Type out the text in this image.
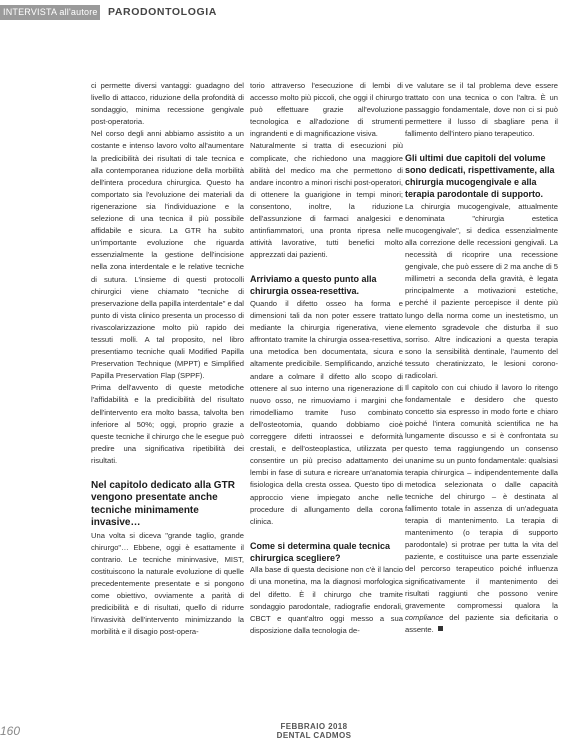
INTERVISTA all'autore PARODONTOLOGIA

ci permette diversi vantaggi: guadagno del livello di attacco, riduzione della profondità di sondaggio, minima recessione gengivale post-operatoria.

Nel corso degli anni abbiamo assistito a un costante e intenso lavoro volto all'aumentare la predicibilità dei risultati di tale tecnica e alla contemporanea riduzione della morbilità dell'intera procedura chirurgica. Questo ha comportato sia l'evoluzione dei materiali da rigenerazione sia l'individuazione e la selezione di una tecnica il più possibile affidabile e sicura. La GTR ha subito un'importante evoluzione che riguarda essenzialmente la gestione dell'incisione nella zona interdentale e le relative tecniche di sutura. L'insieme di questi protocolli chirurgici viene chiamato "tecniche di preservazione della papilla interdentale" e dal punto di vista clinico presenta un processo di rivascolarizzazione molto più rapido dei tessuti molli. A tal proposito, nel libro presentiamo tecniche quali Modified Papilla Preservation Technique (MPPT) e Simplified Papilla Preservation Flap (SPPF).

Prima dell'avvento di queste metodiche l'affidabilità e la predicibilità del risultato dell'intervento era molto bassa, talvolta ben inferiore al 50%; oggi, proprio grazie a queste tecniche il chirurgo che le esegue può predire una significativa ripetibilità dei risultati.

Nel capitolo dedicato alla GTR vengono presentate anche tecniche minimamente invasive…

Una volta si diceva "grande taglio, grande chirurgo"… Ebbene, oggi è esattamente il contrario. Le tecniche mininvasive, MIST, costituiscono la naturale evoluzione di quelle precedentemente presentate e si pongono come obiettivo, ovviamente a parità di predicibilità e di risultati, quello di ridurre l'invasività dell'intervento minimizzando la morbilità e il disagio post-opera-

torio attraverso l'esecuzione di lembi di accesso molto più piccoli, che oggi il chirurgo può effettuare grazie all'evoluzione tecnologica e all'adozione di strumenti ingrandenti e di magnificazione visiva.

Naturalmente si tratta di esecuzioni più complicate, che richiedono una maggiore abilità del medico ma che permettono di andare incontro a minori rischi post-operatori, di ottenere la guarigione in tempi minori; consentono, inoltre, la riduzione dell'assunzione di farmaci analgesici e antinfiammatori, una pronta ripresa nelle attività lavorative, tutti benefici molto apprezzati dai pazienti.

Arriviamo a questo punto alla chirurgia ossea-resettiva.

Quando il difetto osseo ha forma e dimensioni tali da non poter essere trattato mediante la chirurgia rigenerativa, viene affrontato tramite la chirurgia ossea-resettiva, una metodica ben documentata, sicura e altamente predicibile. Semplificando, anziché andare a colmare il difetto allo scopo di ottenere al suo interno una rigenerazione di nuovo osso, ne rimuoviamo i margini che rimodelliamo tramite l'uso combinato dell'osteotomia, quando dobbiamo cioè correggere difetti intraossei e deformità crestali, e dell'osteoplastica, utilizzata per consentire un più preciso adattamento dei lembi in fase di sutura e ricreare un'anatomia fisiologica della cresta ossea. Questo tipo di approccio viene impiegato anche nelle procedure di allungamento della corona clinica.

Come si determina quale tecnica chirurgica scegliere?

Alla base di questa decisione non c'è il lancio di una monetina, ma la diagnosi morfologica del difetto. È il chirurgo che tramite sondaggio parodontale, radiografie endorali, CBCT e quant'altro oggi messo a sua disposizione dalla tecnologia de-

ve valutare se il tal problema deve essere trattato con una tecnica o con l'altra. È un passaggio fondamentale, dove non ci si può permettere il lusso di sbagliare pena il fallimento dell'intero piano terapeutico.

Gli ultimi due capitoli del volume sono dedicati, rispettivamente, alla chirurgia mucogengivale e alla terapia parodontale di supporto.

La chirurgia mucogengivale, attualmente denominata "chirurgia estetica mucogengivale", si dedica essenzialmente alla correzione delle recessioni gengivali. La necessità di ricoprire una recessione gengivale, che può essere di 2 ma anche di 5 millimetri a seconda della gravità, è legata principalmente a motivazioni estetiche, perché il paziente percepisce il dente più lungo della norma come un inestetismo, un elemento sgradevole che disturba il suo sorriso. Altre indicazioni a questa terapia sono la sensibilità dentinale, l'aumento del tessuto cheratinizzato, le lesioni corono-radicolari.

Il capitolo con cui chiudo il lavoro lo ritengo fondamentale e desidero che questo concetto sia espresso in modo forte e chiaro poiché l'intera comunità scientifica ne ha lungamente discusso e si è confrontata su questo tema raggiungendo un consenso unanime su un punto fondamentale: qualsiasi terapia chirurgica – indipendentemente dalla metodica selezionata o dalle capacità tecniche del chirurgo – è destinata al fallimento totale in assenza di un'adeguata terapia di mantenimento. La terapia di mantenimento (o terapia di supporto parodontale) si protrae per tutta la vita del paziente, e costituisce una parte essenziale del percorso terapeutico poiché influenza significativamente il mantenimento dei risultati raggiunti che possono venire gravemente compromessi qualora la compliance del paziente sia deficitaria o assente.

160	FEBBRAIO 2018
DENTAL CADMOS
